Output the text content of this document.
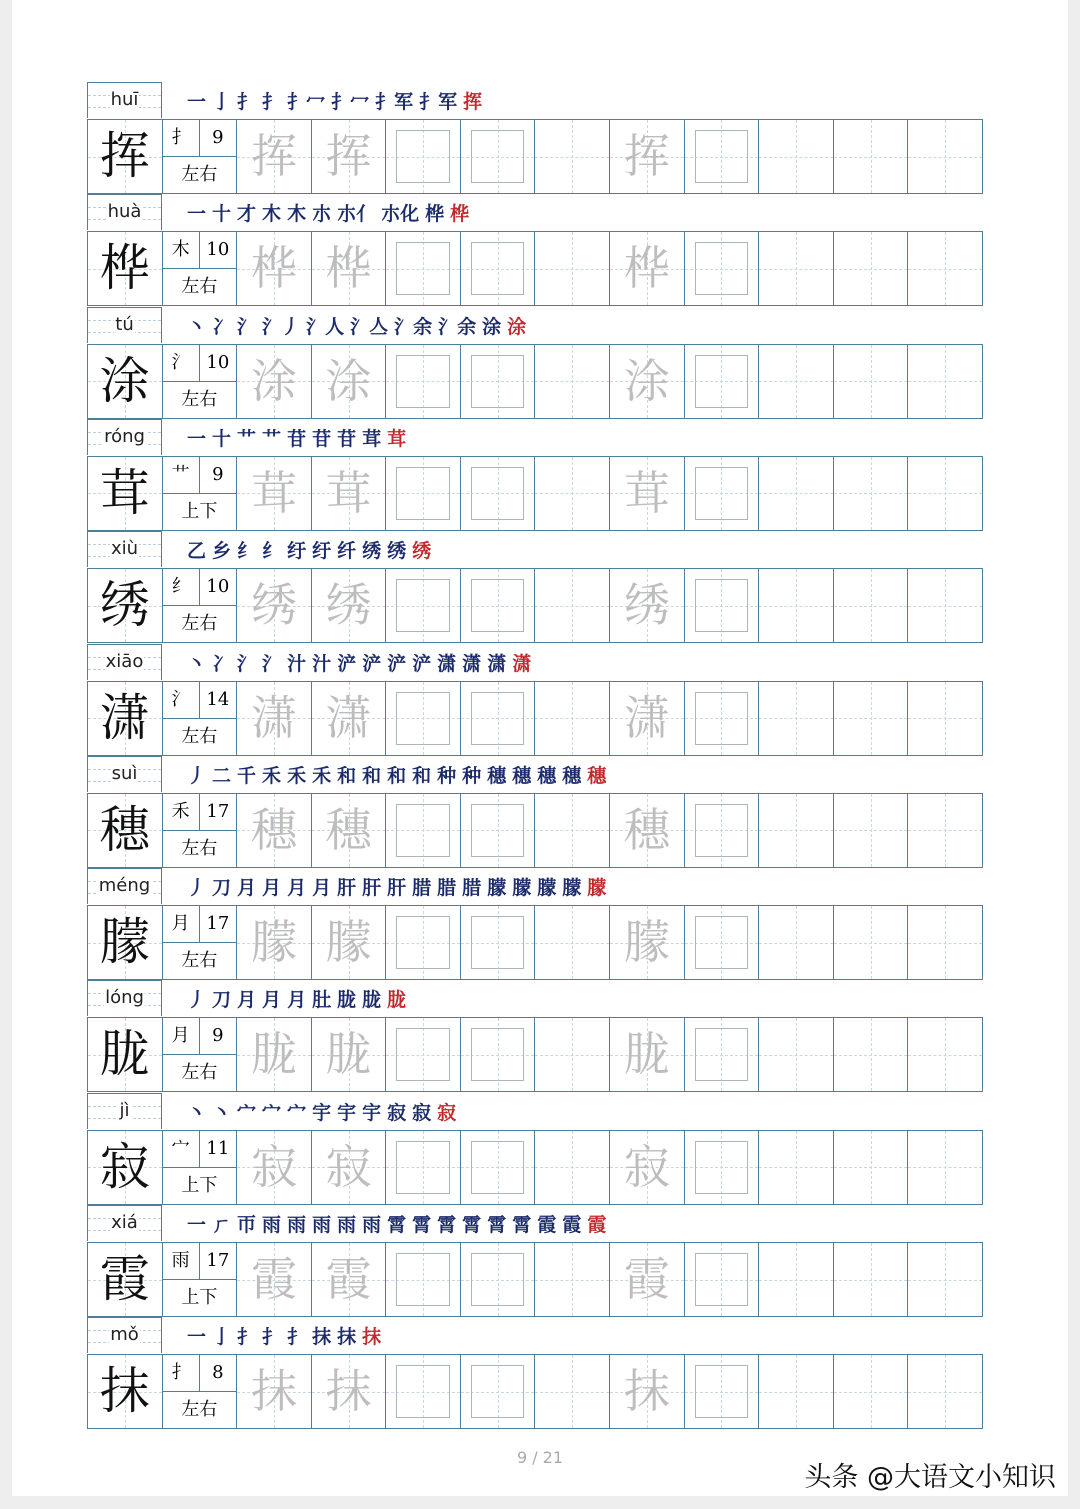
huī	一 亅 扌 扌 扌冖 扌冖 扌军 扌军 挥
挥	扌	9
左右 挥 挥	挥
huà	一 十 才 木 木 朩 朩亻 朩化 桦 桦
桦	木 10
左右 桦 桦	桦
tú	丶 冫 氵 氵丿 氵人 氵亼 氵余 氵余 涂 涂
涂	氵 10
左右 涂 涂	涂
róng	一 十 艹 艹 苷 苷 苷 茸 茸
茸	艹	9
上下 茸 茸	茸
xiù	乙 乡 纟 纟 纡 纡 纤 绣 绣 绣
绣	纟 10
左右 绣 绣	绣
xiāo	丶 冫 氵 氵 汁 汁 浐 浐 浐 浐 潇 潇 潇 潇
潇	氵 14
左右 潇 潇	潇
suì	丿 二 千 禾 禾 禾 和 和 和 和 种 种 穗 穗 穗 穗 穗
穗	禾 17
左右 穗 穗	穗
méng	丿 刀 月 月 月 月 肝 肝 肝 腊 腊 腊 朦 朦 朦 朦 朦
朦	月 17
左右 朦 朦	朦
lóng	丿 刀 月 月 月 肚 胧 胧 胧
胧	月	9
左右 胧 胧	胧
jì	丶 丶 宀 宀 宀 宇 宇 宇 寂 寂 寂
寂	宀 11
上下 寂 寂	寂
xiá	一 ㄏ 帀 雨 雨 雨 雨 雨 霄 霄 霄 霄 霄 霄 霞 霞 霞
霞	雨 17
上下 霞 霞	霞
mǒ	一 亅 扌 扌 扌 抹 抹 抹
抹	扌	8
左右 抹 抹	抹
9 / 21
头条 @大语文小知识
